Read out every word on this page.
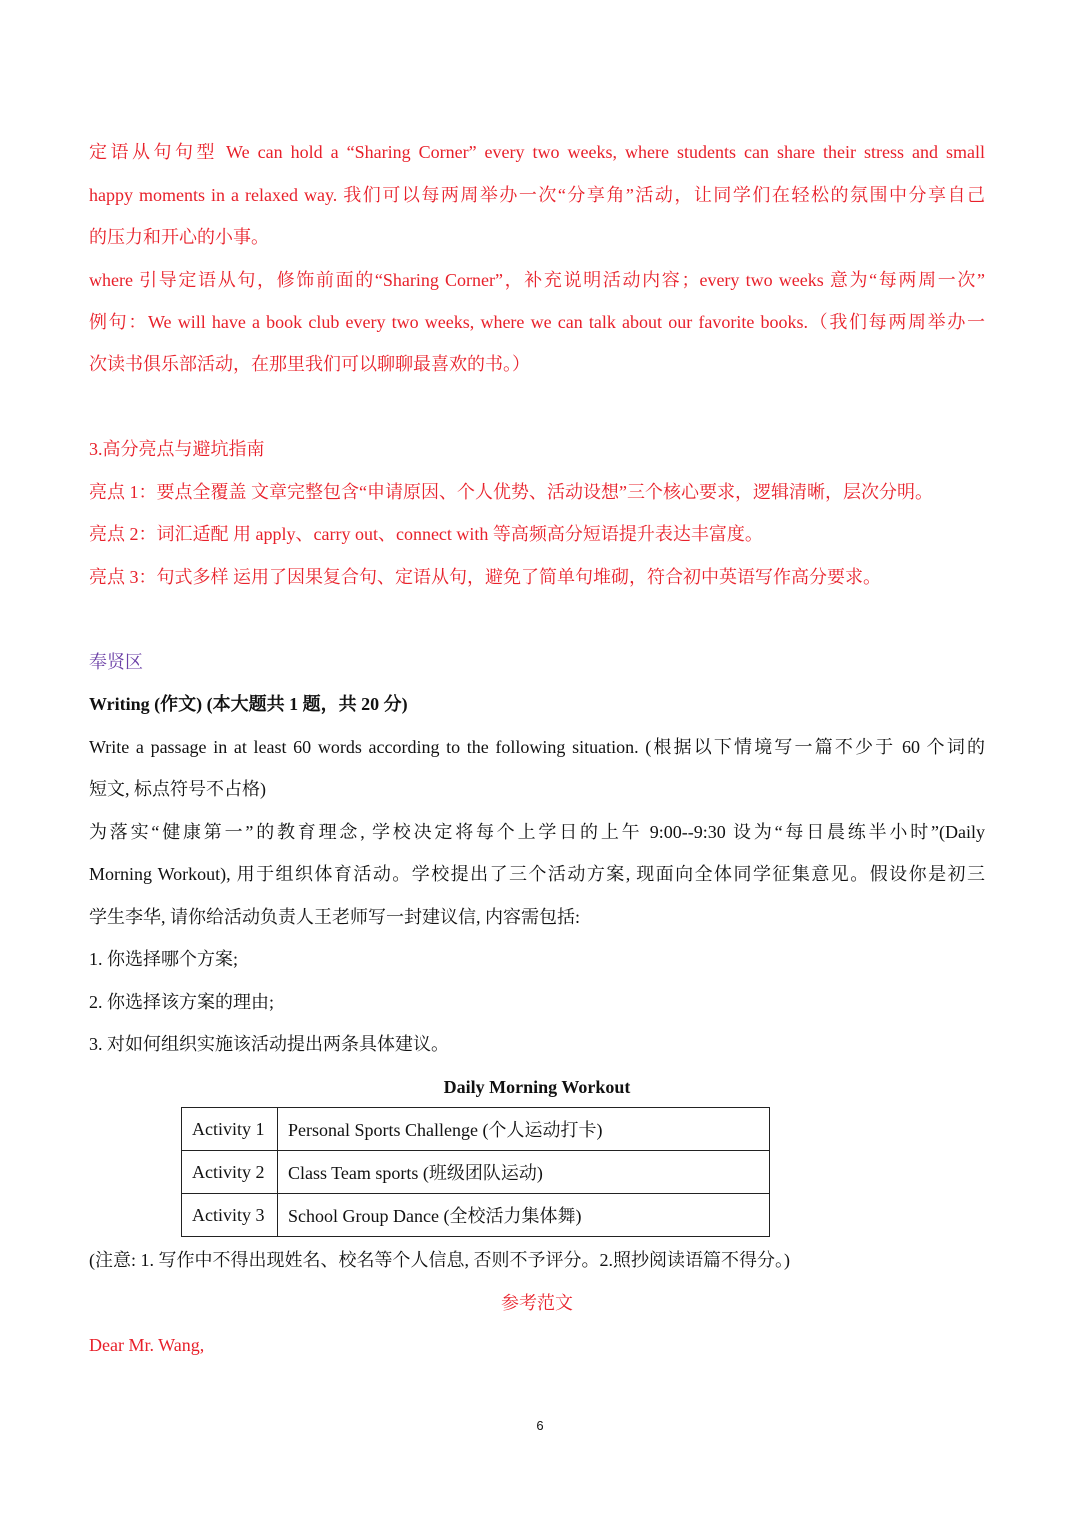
定语从句句型 We can hold a “Sharing Corner” every two weeks, where students can share their stress and small
happy moments in a relaxed way. 我们可以每两周举办一次“分享角”活动，让同学们在轻松的氛围中分享自己
的压力和开心的小事。
where 引导定语从句，修饰前面的“Sharing Corner”，补充说明活动内容；every two weeks 意为“每两周一次”
例句：We will have a book club every two weeks, where we can talk about our favorite books.（我们每两周举办一
次读书俱乐部活动，在那里我们可以聊聊最喜欢的书。）
3.高分亮点与避坑指南
亮点 1：要点全覆盖 文章完整包含“申请原因、个人优势、活动设想”三个核心要求，逻辑清晰，层次分明。
亮点 2：词汇适配 用 apply、carry out、connect with 等高频高分短语提升表达丰富度。
亮点 3：句式多样 运用了因果复合句、定语从句，避免了简单句堆砌，符合初中英语写作高分要求。
奉贤区
Writing (作文) (本大题共 1 题，共 20 分)
Write a passage in at least 60 words according to the following situation. (根据以下情境写一篇不少于 60 个词的
短文, 标点符号不占格)
为落实“健康第一”的教育理念, 学校决定将每个上学日的上午 9:00--9:30 设为“每日晨练半小时”(Daily
Morning Workout), 用于组织体育活动。学校提出了三个活动方案, 现面向全体同学征集意见。假设你是初三
学生李华, 请你给活动负责人王老师写一封建议信, 内容需包括:
1. 你选择哪个方案;
2. 你选择该方案的理由;
3. 对如何组织实施该活动提出两条具体建议。
Daily Morning Workout
Activity 1	Personal Sports Challenge (个人运动打卡)
Activity 2	Class Team sports (班级团队运动)
Activity 3	School Group Dance (全校活力集体舞)
(注意: 1. 写作中不得出现姓名、校名等个人信息, 否则不予评分。2.照抄阅读语篇不得分。)
参考范文
Dear Mr. Wang,
6
